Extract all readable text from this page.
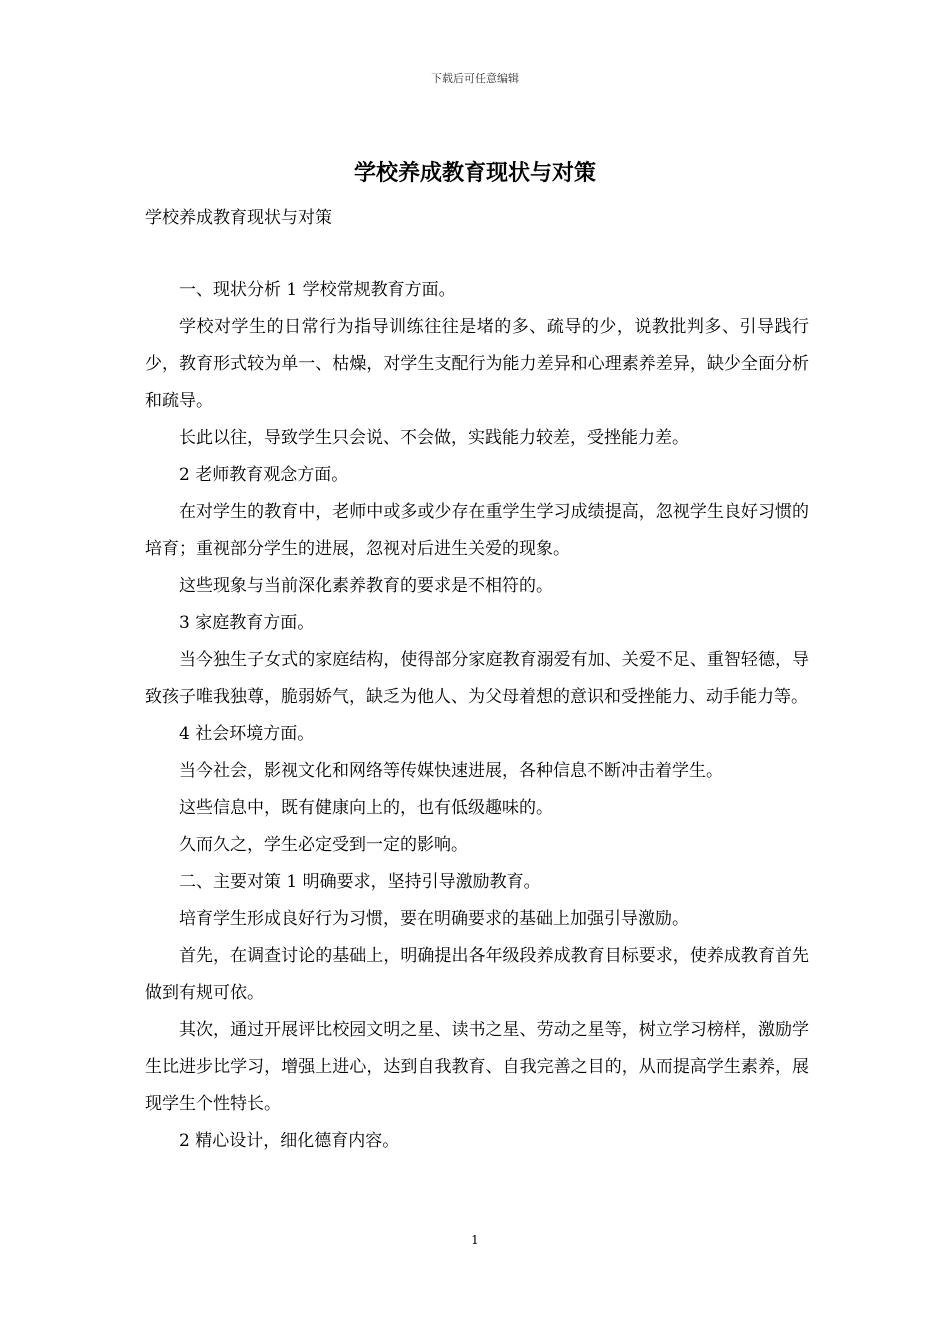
下载后可任意编辑
学校养成教育现状与对策

学校养成教育现状与对策

一、现状分析 1 学校常规教育方面。

学校对学生的日常行为指导训练往往是堵的多、疏导的少，说教批判多、引导践行少，教育形式较为单一、枯燥，对学生支配行为能力差异和心理素养差异，缺少全面分析和疏导。

长此以往，导致学生只会说、不会做，实践能力较差，受挫能力差。

2 老师教育观念方面。

在对学生的教育中，老师中或多或少存在重学生学习成绩提高，忽视学生良好习惯的培育；重视部分学生的进展，忽视对后进生关爱的现象。

这些现象与当前深化素养教育的要求是不相符的。

3 家庭教育方面。

当今独生子女式的家庭结构，使得部分家庭教育溺爱有加、关爱不足、重智轻德，导致孩子唯我独尊，脆弱娇气，缺乏为他人、为父母着想的意识和受挫能力、动手能力等。

4 社会环境方面。

当今社会，影视文化和网络等传媒快速进展，各种信息不断冲击着学生。

这些信息中，既有健康向上的，也有低级趣味的。

久而久之，学生必定受到一定的影响。

二、主要对策 1 明确要求，坚持引导激励教育。

培育学生形成良好行为习惯，要在明确要求的基础上加强引导激励。

首先，在调查讨论的基础上，明确提出各年级段养成教育目标要求，使养成教育首先做到有规可依。

其次，通过开展评比校园文明之星、读书之星、劳动之星等，树立学习榜样，激励学生比进步比学习，增强上进心，达到自我教育、自我完善之目的，从而提高学生素养，展现学生个性特长。

2 精心设计，细化德育内容。

1
